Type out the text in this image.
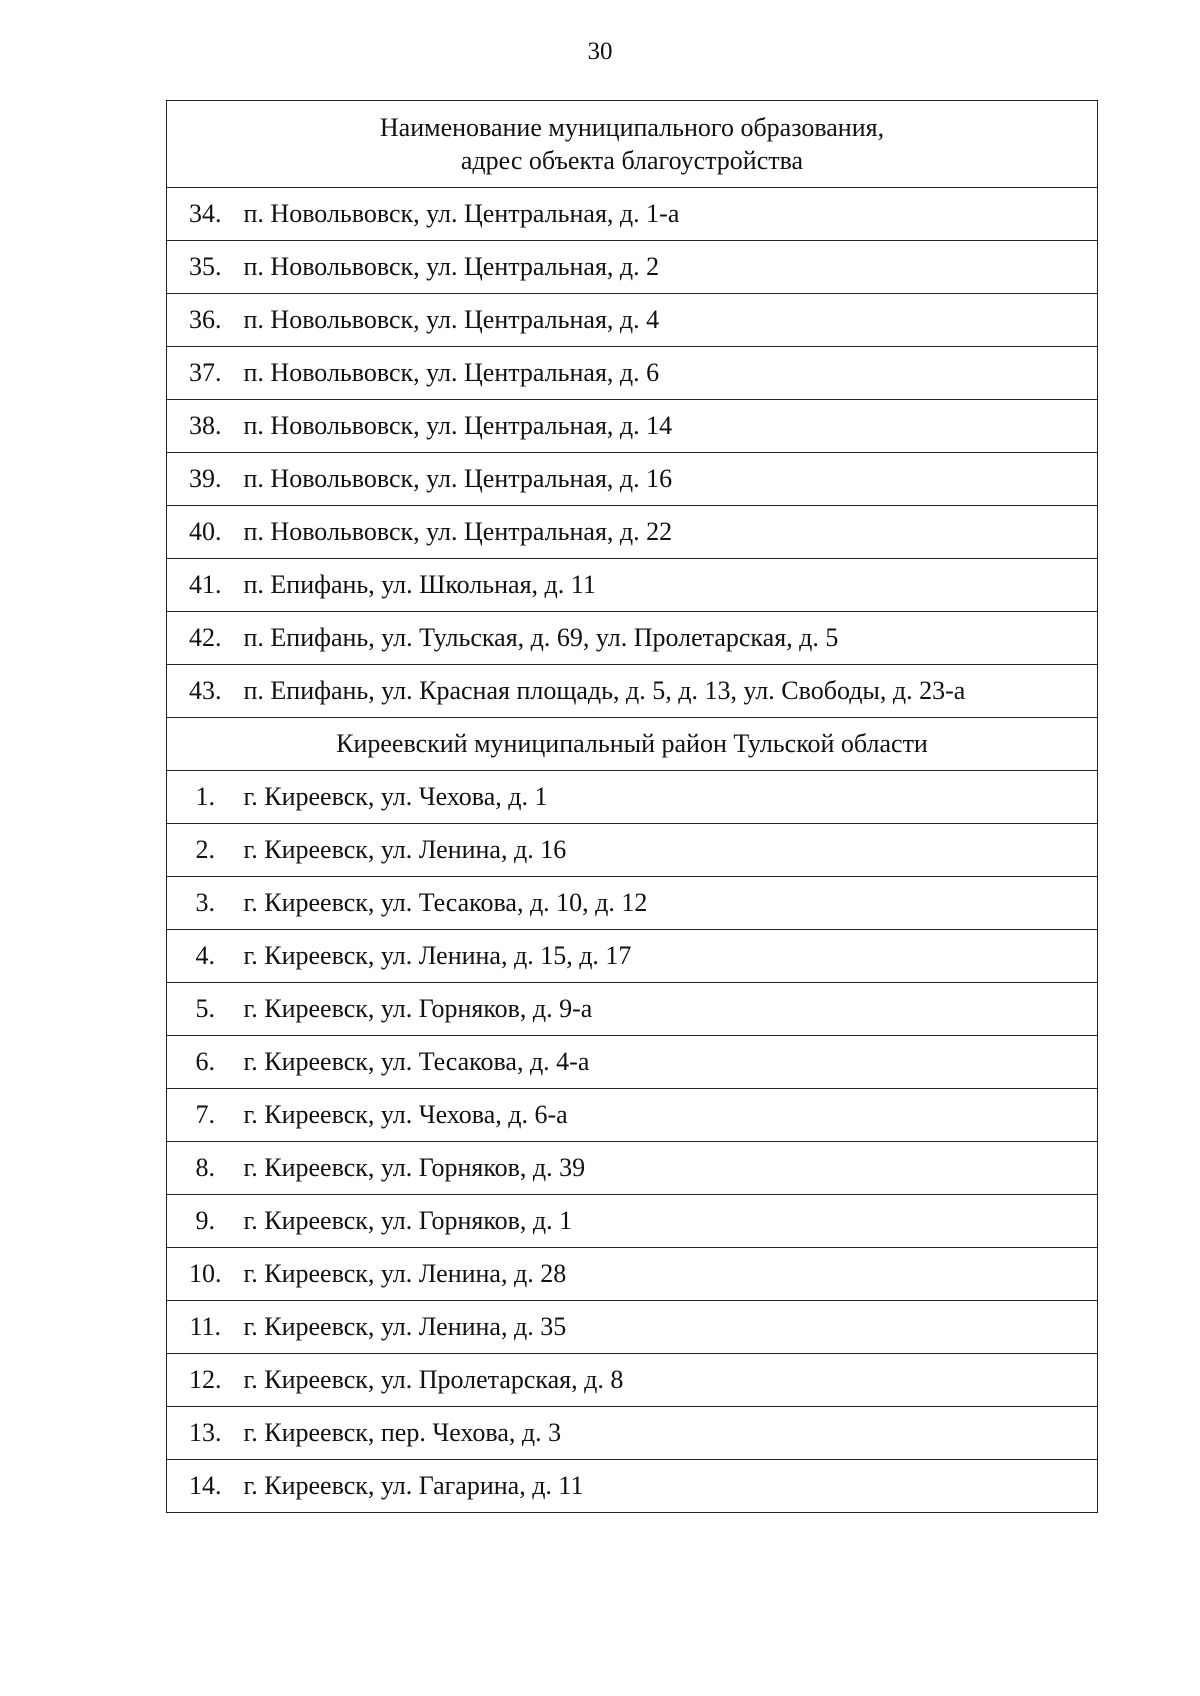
30
Наименование муниципального образования,
адрес объекта благоустройства	

34.	п. Новольвовск, ул. Центральная, д. 1-а
35.	п. Новольвовск, ул. Центральная, д. 2
36.	п. Новольвовск, ул. Центральная, д. 4
37.	п. Новольвовск, ул. Центральная, д. 6
38.	п. Новольвовск, ул. Центральная, д. 14
39.	п. Новольвовск, ул. Центральная, д. 16
40.	п. Новольвовск, ул. Центральная, д. 22
41.	п. Епифань, ул. Школьная, д. 11
42.	п. Епифань, ул. Тульская, д. 69, ул. Пролетарская, д. 5
43.	п. Епифань, ул. Красная площадь, д. 5, д. 13, ул. Свободы, д. 23-а
Киреевский муниципальный район Тульской области	
1.	г. Киреевск, ул. Чехова, д. 1
2.	г. Киреевск, ул. Ленина, д. 16
3.	г. Киреевск, ул. Тесакова, д. 10, д. 12
4.	г. Киреевск, ул. Ленина, д. 15, д. 17
5.	г. Киреевск, ул. Горняков, д. 9-а
6.	г. Киреевск, ул. Тесакова, д. 4-а
7.	г. Киреевск, ул. Чехова, д. 6-а
8.	г. Киреевск, ул. Горняков, д. 39
9.	г. Киреевск, ул. Горняков, д. 1
10.	г. Киреевск, ул. Ленина, д. 28
11.	г. Киреевск, ул. Ленина, д. 35
12.	г. Киреевск, ул. Пролетарская, д. 8
13.	г. Киреевск, пер. Чехова, д. 3
14.	г. Киреевск, ул. Гагарина, д. 11
